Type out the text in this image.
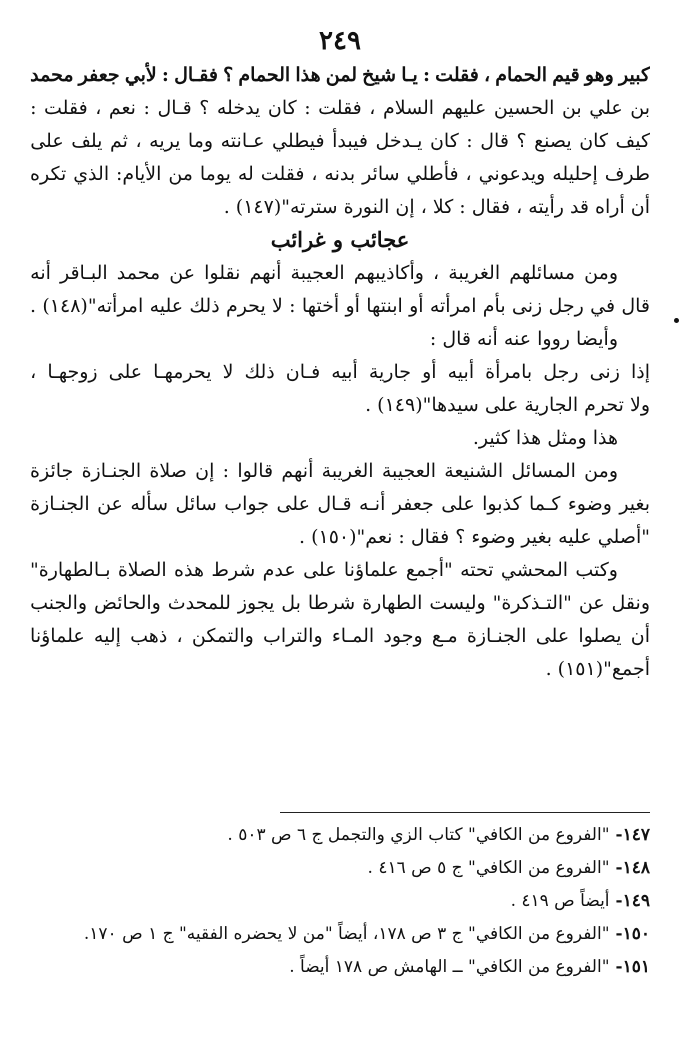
٢٤٩
كبير
وهو
قيم
الحمام
،
فقلت
:
يـا
شيخ
لمن
هذا
الحمام
؟
فقـال
:
لأبي
جعفر
محمد
بن
علي
بن
الحسين
عليهم
السلام
،
فقلت
:
كان
يدخله
؟
قـال
:
نعم
،
فقلت
:
كيف
كان
يصنع
؟
قال
:
كان
يـدخل
فيبدأ
فيطلي
عـانته
وما
يريه
،
ثم
يلف
على
طرف
إحليله
ويدعوني
،
فأطلي
سائر
بدنه
،
فقلت
له
يوما
من
الأيام:
الذي
تكره
أن أراه قد رأيته ، فقال : كلا ، إن النورة سترته"(١٤٧) .
عجائب و غرائب
ومن
مسائلهم
الغريبة
،
وأكاذيبهم
العجيبة
أنهم
نقلوا
عن
محمد
البـاقر
أنه
قال
في
رجل
زنى
بأم
امرأته
أو
ابنتها
أو
أختها
:
لا
يحرم
ذلك
عليه
امرأته"(١٤٨)
.
وأيضا رووا عنه أنه قال :
إذا
زنى
رجل
بامرأة
أبيه
أو
جارية
أبيه
فـان
ذلك
لا
يحرمهـا
على
زوجهـا
،
ولا تحرم الجارية على سيدها"(١٤٩) .
هذا ومثل هذا كثير.
ومن
المسائل
الشنيعة
العجيبة
الغريبة
أنهم
قالوا
:
إن
صلاة
الجنـازة
جائزة
بغير
وضوء
كـما
كذبوا
على
جعفر
أنـه
قـال
على
جواب
سائل
سأله
عن
الجنـازة
"أصلي عليه بغير وضوء ؟ فقال : نعم"(١٥٠) .
وكتب
المحشي
تحته
"أجمع
علماؤنا
على
عدم
شرط
هذه
الصلاة
بـالطهارة"
ونقل
عن
"التـذكرة"
وليست
الطهارة
شرطا
بل
يجوز
للمحدث
والحائض
والجنب
أن
يصلوا
على
الجنـازة
مـع
وجود
المـاء
والتراب
والتمكن
،
ذهب
إليه
علماؤنا
أجمع"(١٥١) .
١٤٧-
"الفروع من الكافي" كتاب الزي والتجمل ج ٦ ص ٥٠٣ .
١٤٨-
"الفروع من الكافي" ج ٥ ص ٤١٦ .
١٤٩-
أيضاً ص ٤١٩ .
١٥٠-
"الفروع من الكافي" ج ٣ ص ١٧٨، أيضاً "من لا يحضره الفقيه" ج ١ ص ١٧٠.
١٥١-
"الفروع من الكافي" ــ الهامش ص ١٧٨ أيضاً .
